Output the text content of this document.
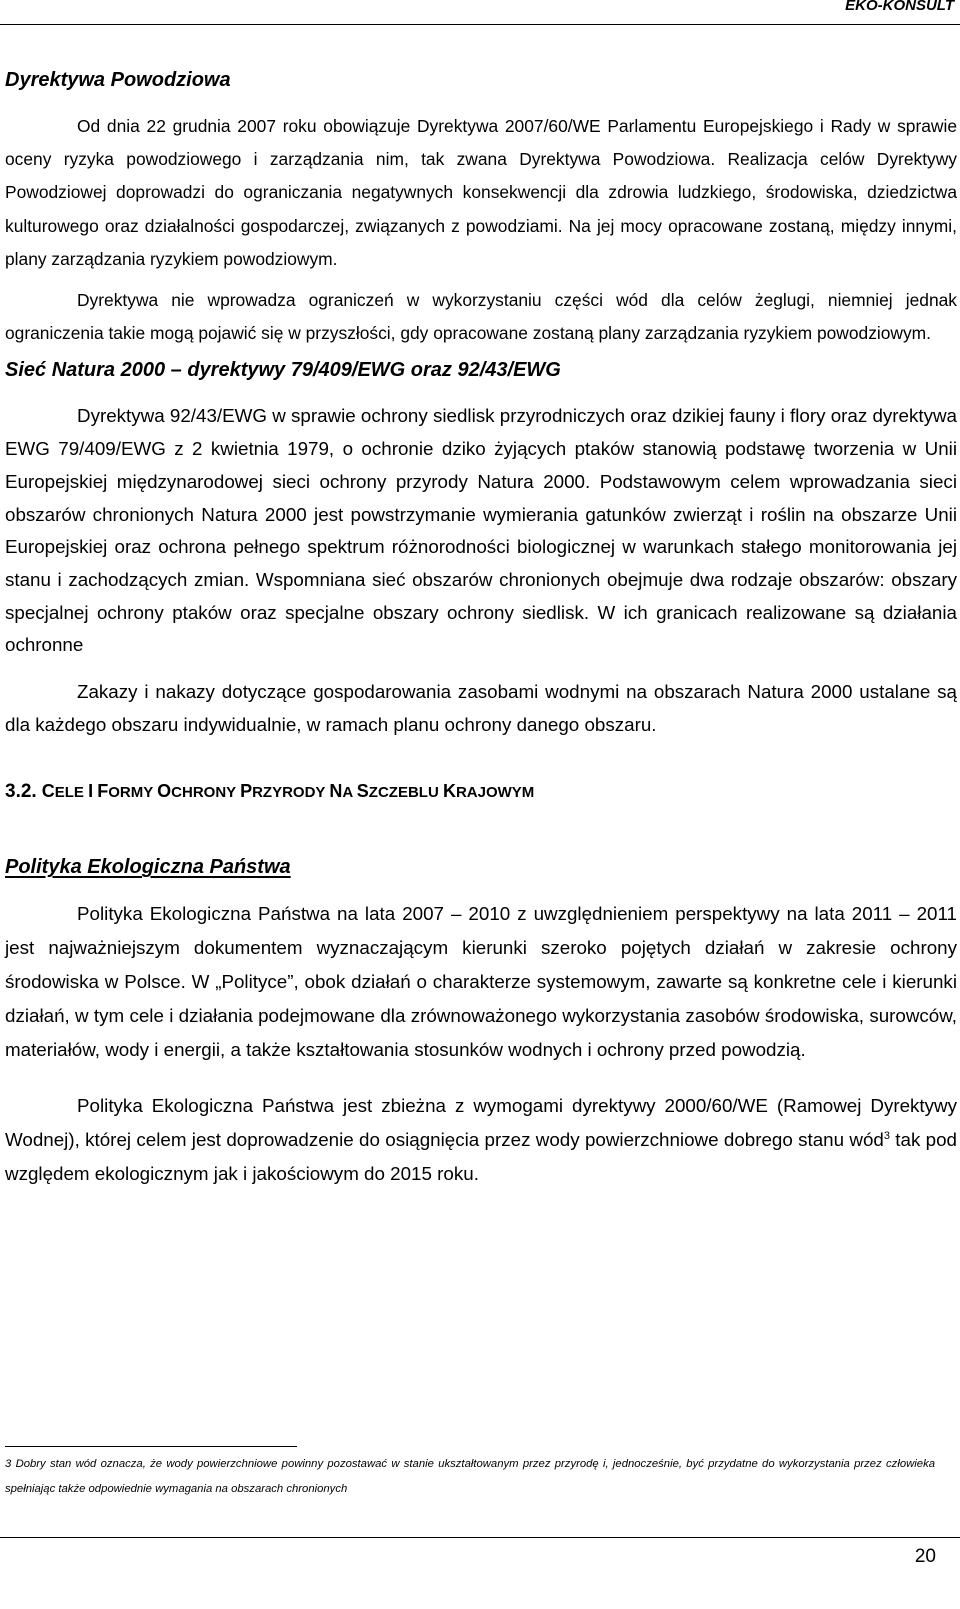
EKO-KONSULT
Dyrektywa Powodziowa

Od dnia 22 grudnia 2007 roku obowiązuje Dyrektywa 2007/60/WE Parlamentu Europejskiego i Rady w sprawie oceny ryzyka powodziowego i zarządzania nim, tak zwana Dyrektywa Powodziowa. Realizacja celów Dyrektywy Powodziowej doprowadzi do ograniczania negatywnych konsekwencji dla zdrowia ludzkiego, środowiska, dziedzictwa kulturowego oraz działalności gospodarczej, związanych z powodziami. Na jej mocy opracowane zostaną, między innymi, plany zarządzania ryzykiem powodziowym.

Dyrektywa nie wprowadza ograniczeń w wykorzystaniu części wód dla celów żeglugi, niemniej jednak ograniczenia takie mogą pojawić się w przyszłości, gdy opracowane zostaną plany zarządzania ryzykiem powodziowym.

Sieć Natura 2000 – dyrektywy 79/409/EWG oraz 92/43/EWG

Dyrektywa 92/43/EWG w sprawie ochrony siedlisk przyrodniczych oraz dzikiej fauny i flory oraz dyrektywa EWG 79/409/EWG z 2 kwietnia 1979, o ochronie dziko żyjących ptaków stanowią podstawę tworzenia w Unii Europejskiej międzynarodowej sieci ochrony przyrody Natura 2000. Podstawowym celem wprowadzania sieci obszarów chronionych Natura 2000 jest powstrzymanie wymierania gatunków zwierząt i roślin na obszarze Unii Europejskiej oraz ochrona pełnego spektrum różnorodności biologicznej w warunkach stałego monitorowania jej stanu i zachodzących zmian. Wspomniana sieć obszarów chronionych obejmuje dwa rodzaje obszarów: obszary specjalnej ochrony ptaków oraz specjalne obszary ochrony siedlisk. W ich granicach realizowane są działania ochronne

Zakazy i nakazy dotyczące gospodarowania zasobami wodnymi na obszarach Natura 2000 ustalane są dla każdego obszaru indywidualnie, w ramach planu ochrony danego obszaru.

3.2. CELE I FORMY OCHRONY PRZYRODY NA SZCZEBLU KRAJOWYM
Polityka Ekologiczna Państwa

Polityka Ekologiczna Państwa na lata 2007 – 2010 z uwzględnieniem perspektywy na lata 2011 – 2011 jest najważniejszym dokumentem wyznaczającym kierunki szeroko pojętych działań w zakresie ochrony środowiska w Polsce. W „Polityce”, obok działań o charakterze systemowym, zawarte są konkretne cele i kierunki działań, w tym cele i działania podejmowane dla zrównoważonego wykorzystania zasobów środowiska, surowców, materiałów, wody i energii, a także kształtowania stosunków wodnych i ochrony przed powodzią.

Polityka Ekologiczna Państwa jest zbieżna z wymogami dyrektywy 2000/60/WE (Ramowej Dyrektywy Wodnej), której celem jest doprowadzenie do osiągnięcia przez wody powierzchniowe dobrego stanu wód$^3$ tak pod względem ekologicznym jak i jakościowym do 2015 roku.

3 Dobry stan wód oznacza, że wody powierzchniowe powinny pozostawać w stanie ukształtowanym przez przyrodę i, jednocześnie, być przydatne do wykorzystania przez człowieka spełniając także odpowiednie wymagania na obszarach chronionych
20
